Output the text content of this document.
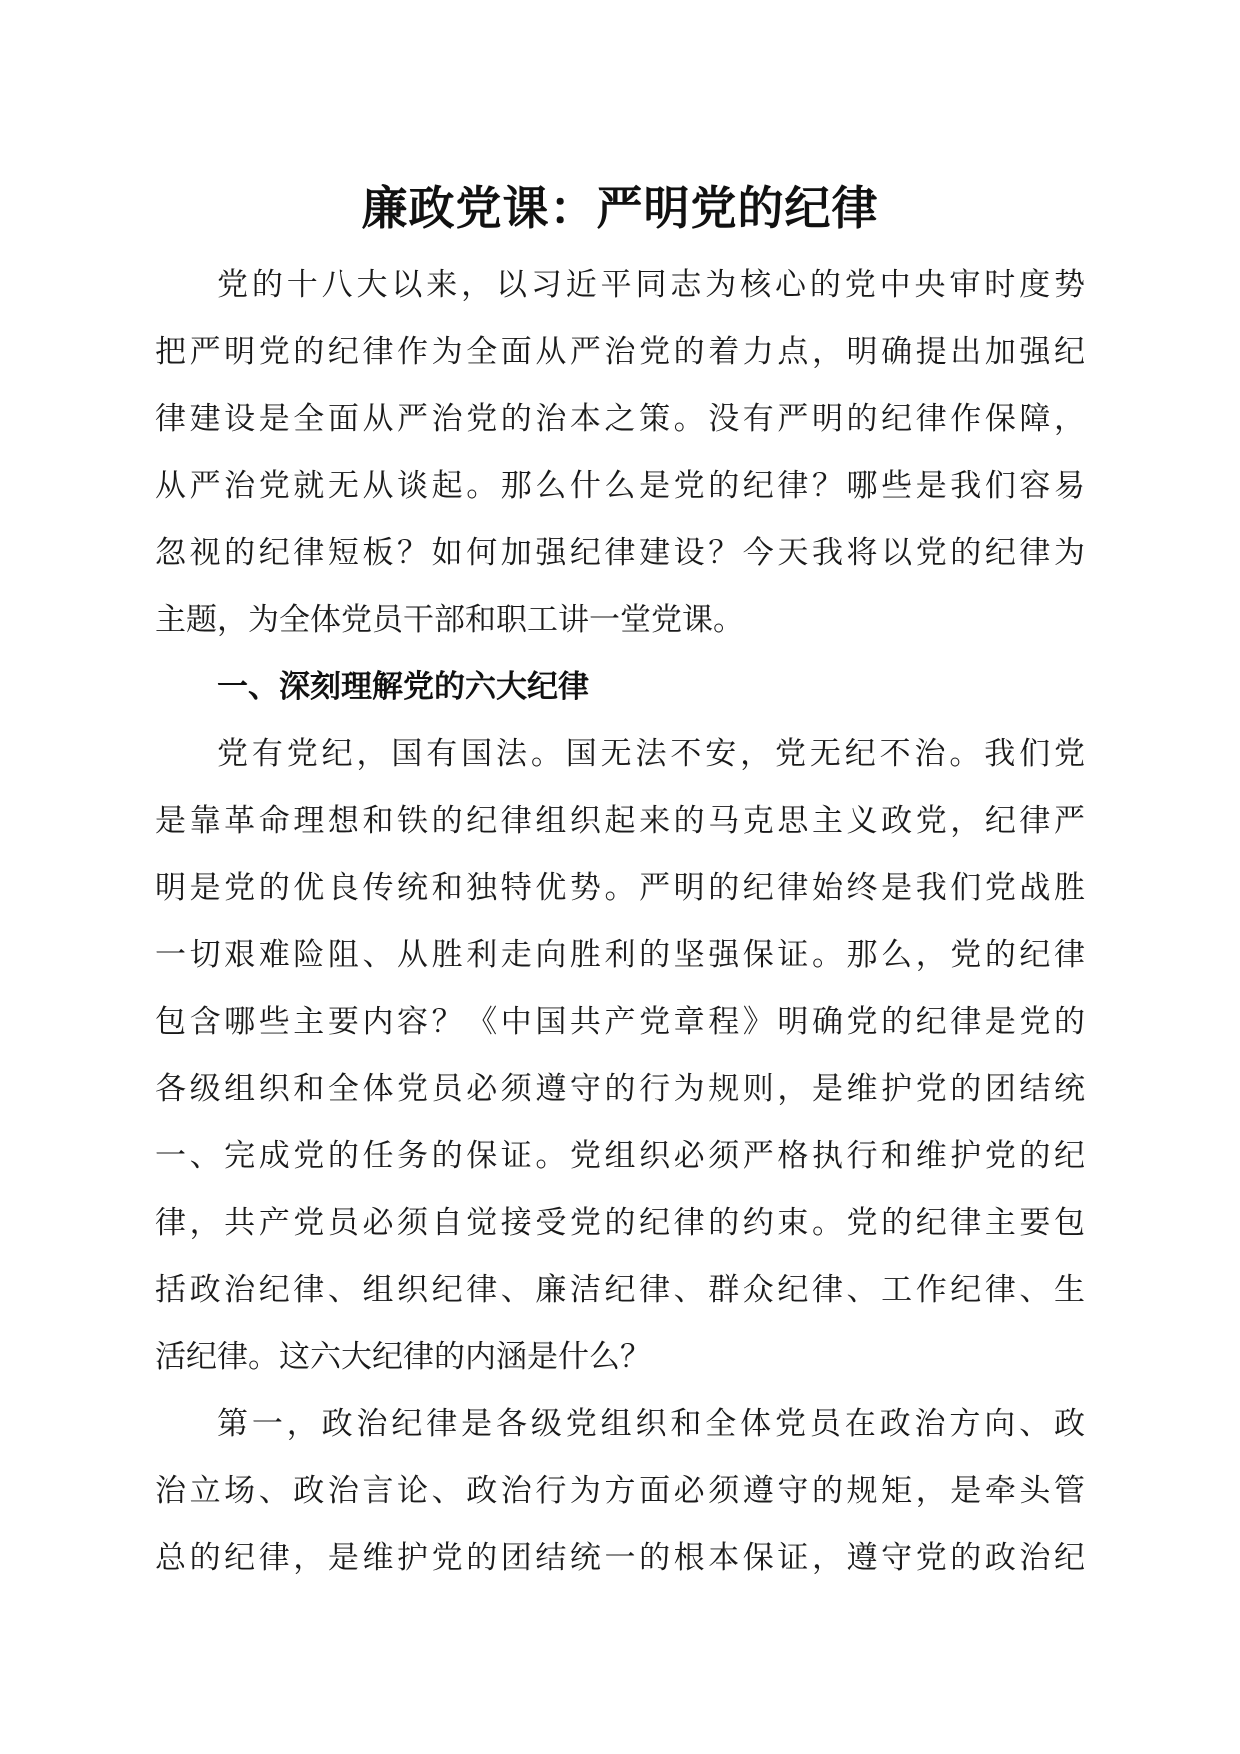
廉政党课：严明党的纪律
党的十八大以来，以习近平同志为核心的党中央审时度势
把严明党的纪律作为全面从严治党的着力点，明确提出加强纪
律建设是全面从严治党的治本之策。没有严明的纪律作保障，
从严治党就无从谈起。那么什么是党的纪律？哪些是我们容易
忽视的纪律短板？如何加强纪律建设？今天我将以党的纪律为
主题，为全体党员干部和职工讲一堂党课。
一、深刻理解党的六大纪律
党有党纪，国有国法。国无法不安，党无纪不治。我们党
是靠革命理想和铁的纪律组织起来的马克思主义政党，纪律严
明是党的优良传统和独特优势。严明的纪律始终是我们党战胜
一切艰难险阻、从胜利走向胜利的坚强保证。那么，党的纪律
包含哪些主要内容？《中国共产党章程》明确党的纪律是党的
各级组织和全体党员必须遵守的行为规则，是维护党的团结统
一、完成党的任务的保证。党组织必须严格执行和维护党的纪
律，共产党员必须自觉接受党的纪律的约束。党的纪律主要包
括政治纪律、组织纪律、廉洁纪律、群众纪律、工作纪律、生
活纪律。这六大纪律的内涵是什么？
第一，政治纪律是各级党组织和全体党员在政治方向、政
治立场、政治言论、政治行为方面必须遵守的规矩，是牵头管
总的纪律，是维护党的团结统一的根本保证，遵守党的政治纪
